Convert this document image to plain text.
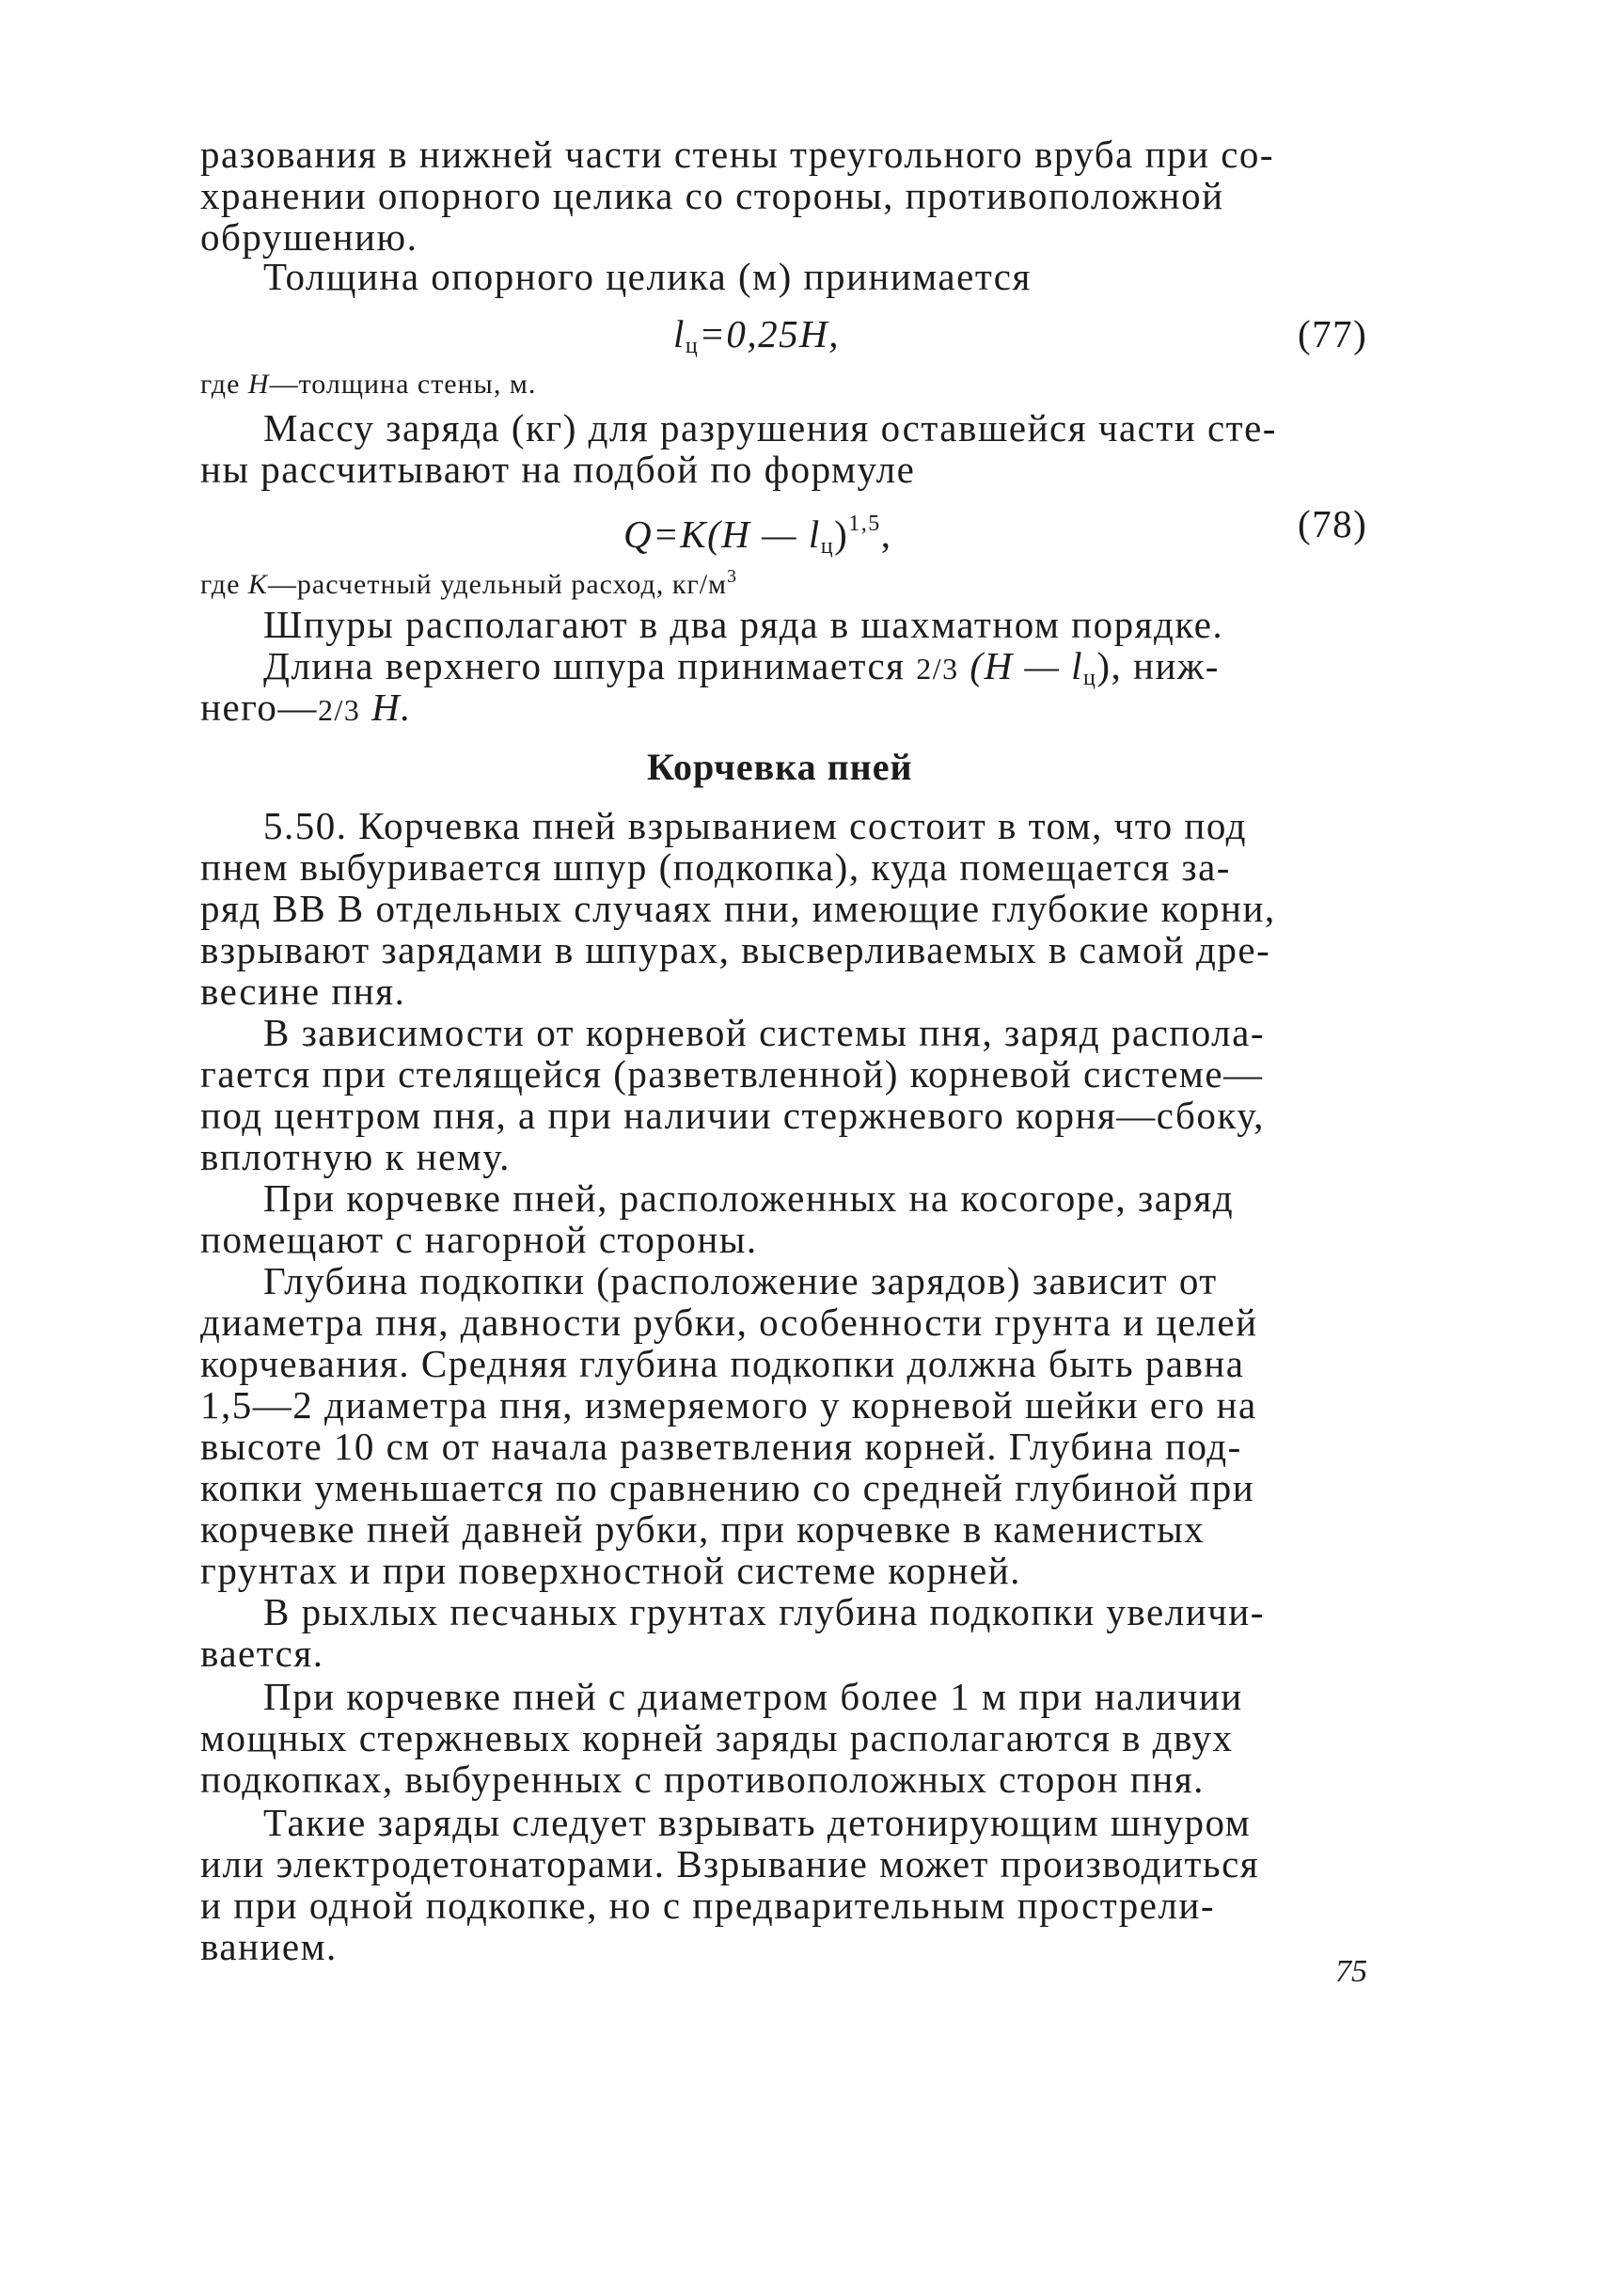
разования в нижней части стены треугольного вруба при со-
хранении опорного целика со стороны, противоположной
обрушению.
Толщина опорного целика (м) принимается
$l_ц=0,25H$,	(77)
где H—толщина стены, м.
Массу заряда (кг) для разрушения оставшейся части сте-
ны рассчитывают на подбой по формуле
Q=K(H — $l_ц)^{1,5}$,	(78)
где K—расчетный удельный расход, $кг/м^3$
Шпуры располагают в два ряда в шахматном порядке.
Длина верхнего шпура принимается 2/3 (H — $l_ц$), ниж-
него—2/3 H.
Корчевка пней
5.50. Корчевка пней взрыванием состоит в том, что под
пнем выбуривается шпур (подкопка), куда помещается за-
ряд ВВ В отдельных случаях пни, имеющие глубокие корни,
взрывают зарядами в шпурах, высверливаемых в самой дре-
весине пня.
В зависимости от корневой системы пня, заряд распола-
гается при стелящейся (разветвленной) корневой системе—
под центром пня, а при наличии стержневого корня—сбоку,
вплотную к нему.
При корчевке пней, расположенных на косогоре, заряд
помещают с нагорной стороны.
Глубина подкопки (расположение зарядов) зависит от
диаметра пня, давности рубки, особенности грунта и целей
корчевания. Средняя глубина подкопки должна быть равна
1,5—2 диаметра пня, измеряемого у корневой шейки его на
высоте 10 см от начала разветвления корней. Глубина под-
копки уменьшается по сравнению со средней глубиной при
корчевке пней давней рубки, при корчевке в каменистых
грунтах и при поверхностной системе корней.
В рыхлых песчаных грунтах глубина подкопки увеличи-
вается.
При корчевке пней с диаметром более 1 м при наличии
мощных стержневых корней заряды располагаются в двух
подкопках, выбуренных с противоположных сторон пня.
Такие заряды следует взрывать детонирующим шнуром
или электродетонаторами. Взрывание может производиться
и при одной подкопке, но с предварительным прострели-
ванием.
75
